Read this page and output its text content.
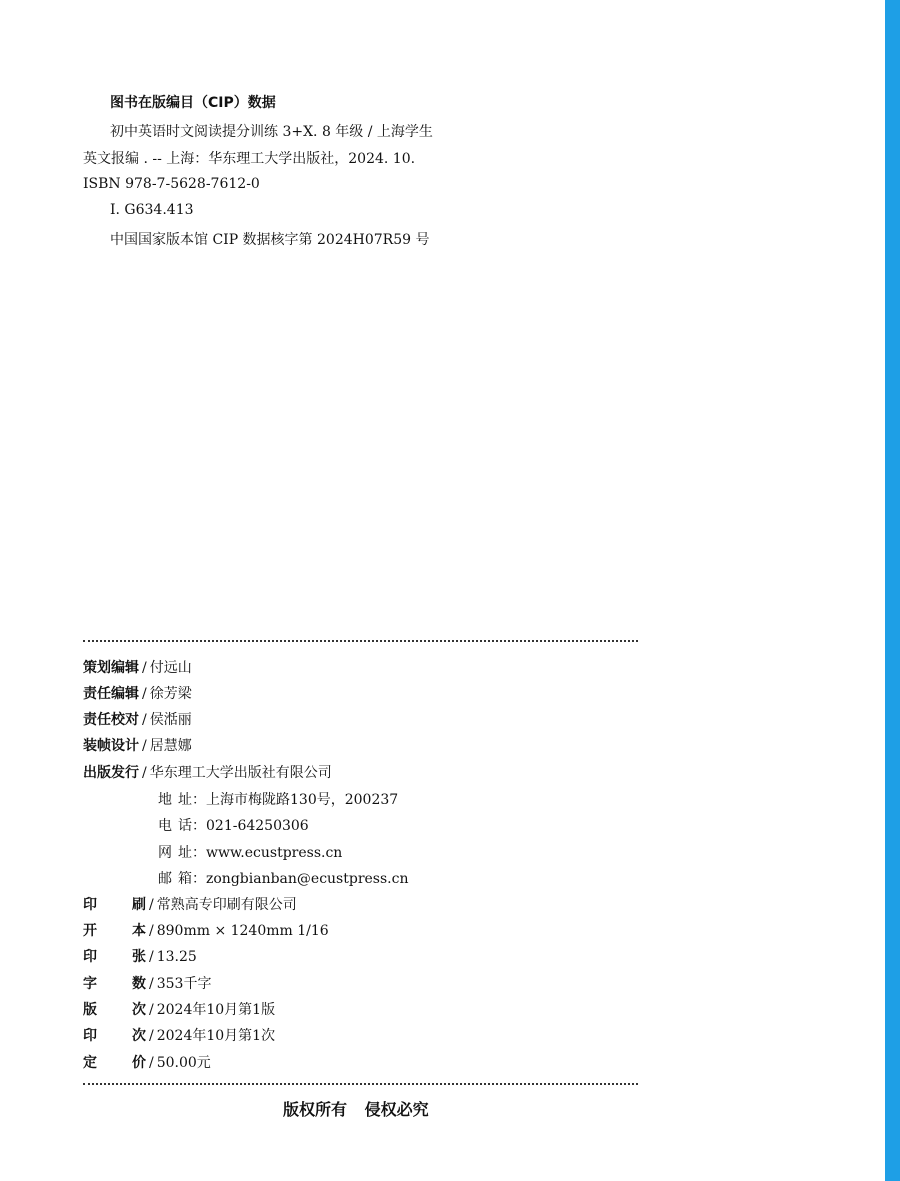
图书在版编目（CIP）数据
初中英语时文阅读提分训练 3+X. 8 年级 / 上海学生
英文报编 . -- 上海：华东理工大学出版社，2024. 10.
ISBN 978-7-5628-7612-0
Ⅰ. G634.413
中国国家版本馆 CIP 数据核字第 2024H07R59 号
策划编辑 / 付远山
责任编辑 / 徐芳梁
责任校对 / 侯湉丽
装帧设计 / 居慧娜
出版发行 / 华东理工大学出版社有限公司
地 址 ：上海市梅陇路130号，200237
电 话 ：021-64250306
网 址 ：www.ecustpress.cn
邮 箱 ：zongbianban@ecustpress.cn
印	刷 / 常熟高专印刷有限公司
开	本 / 890mm × 1240mm 1/16
印	张 / 13.25
字	数 / 353千字
版	次 / 2024年10月第1版
印	次 / 2024年10月第1次
定	价 / 50.00元
版权所有 侵权必究
